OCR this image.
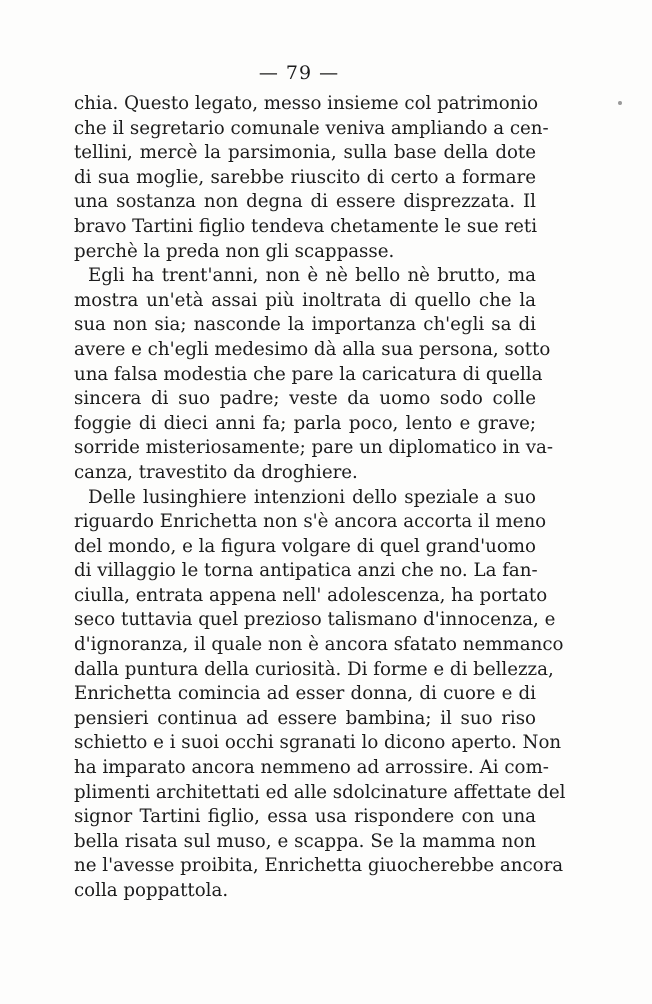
— 79 —
chia. Questo legato, messo insieme col patrimonio
che il segretario comunale veniva ampliando a cen-
tellini, mercè la parsimonia, sulla base della dote
di sua moglie, sarebbe riuscito di certo a formare
una sostanza non degna di essere disprezzata. Il
bravo Tartini figlio tendeva chetamente le sue reti
perchè la preda non gli scappasse.
Egli ha trent'anni, non è nè bello nè brutto, ma
mostra un'età assai più inoltrata di quello che la
sua non sia; nasconde la importanza ch'egli sa di
avere e ch'egli medesimo dà alla sua persona, sotto
una falsa modestia che pare la caricatura di quella
sincera di suo padre; veste da uomo sodo colle
foggie di dieci anni fa; parla poco, lento e grave;
sorride misteriosamente; pare un diplomatico in va-
canza, travestito da droghiere.
Delle lusinghiere intenzioni dello speziale a suo
riguardo Enrichetta non s'è ancora accorta il meno
del mondo, e la figura volgare di quel grand'uomo
di villaggio le torna antipatica anzi che no. La fan-
ciulla, entrata appena nell' adolescenza, ha portato
seco tuttavia quel prezioso talismano d'innocenza, e
d'ignoranza, il quale non è ancora sfatato nemmanco
dalla puntura della curiosità. Di forme e di bellezza,
Enrichetta comincia ad esser donna, di cuore e di
pensieri continua ad essere bambina; il suo riso
schietto e i suoi occhi sgranati lo dicono aperto. Non
ha imparato ancora nemmeno ad arrossire. Ai com-
plimenti architettati ed alle sdolcinature affettate del
signor Tartini figlio, essa usa rispondere con una
bella risata sul muso, e scappa. Se la mamma non
ne l'avesse proibita, Enrichetta giuocherebbe ancora
colla poppattola.
